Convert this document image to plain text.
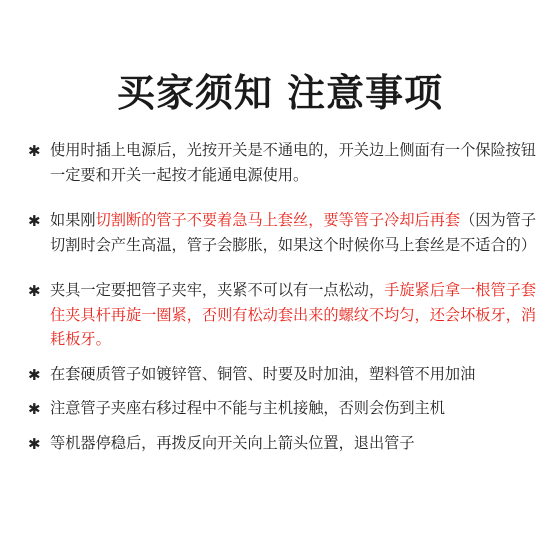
买家须知 注意事项
✱ 使用时插上电源后，光按开关是不通电的，开关边上侧面有一个保险按钮一定要和开关一起按才能通电源使用。
✱ 如果刚切割断的管子不要着急马上套丝，要等管子冷却后再套（因为管子切割时会产生高温，管子会膨胀，如果这个时候你马上套丝是不适合的）
✱ 夹具一定要把管子夹牢，夹紧不可以有一点松动，手旋紧后拿一根管子套住夹具杆再旋一圈紧，否则有松动套出来的螺纹不均匀，还会坏板牙，消耗板牙。
✱ 在套硬质管子如镀锌管、铜管、时要及时加油，塑料管不用加油
✱ 注意管子夹座右移过程中不能与主机接触，否则会伤到主机
✱ 等机器停稳后，再拨反向开关向上箭头位置，退出管子
